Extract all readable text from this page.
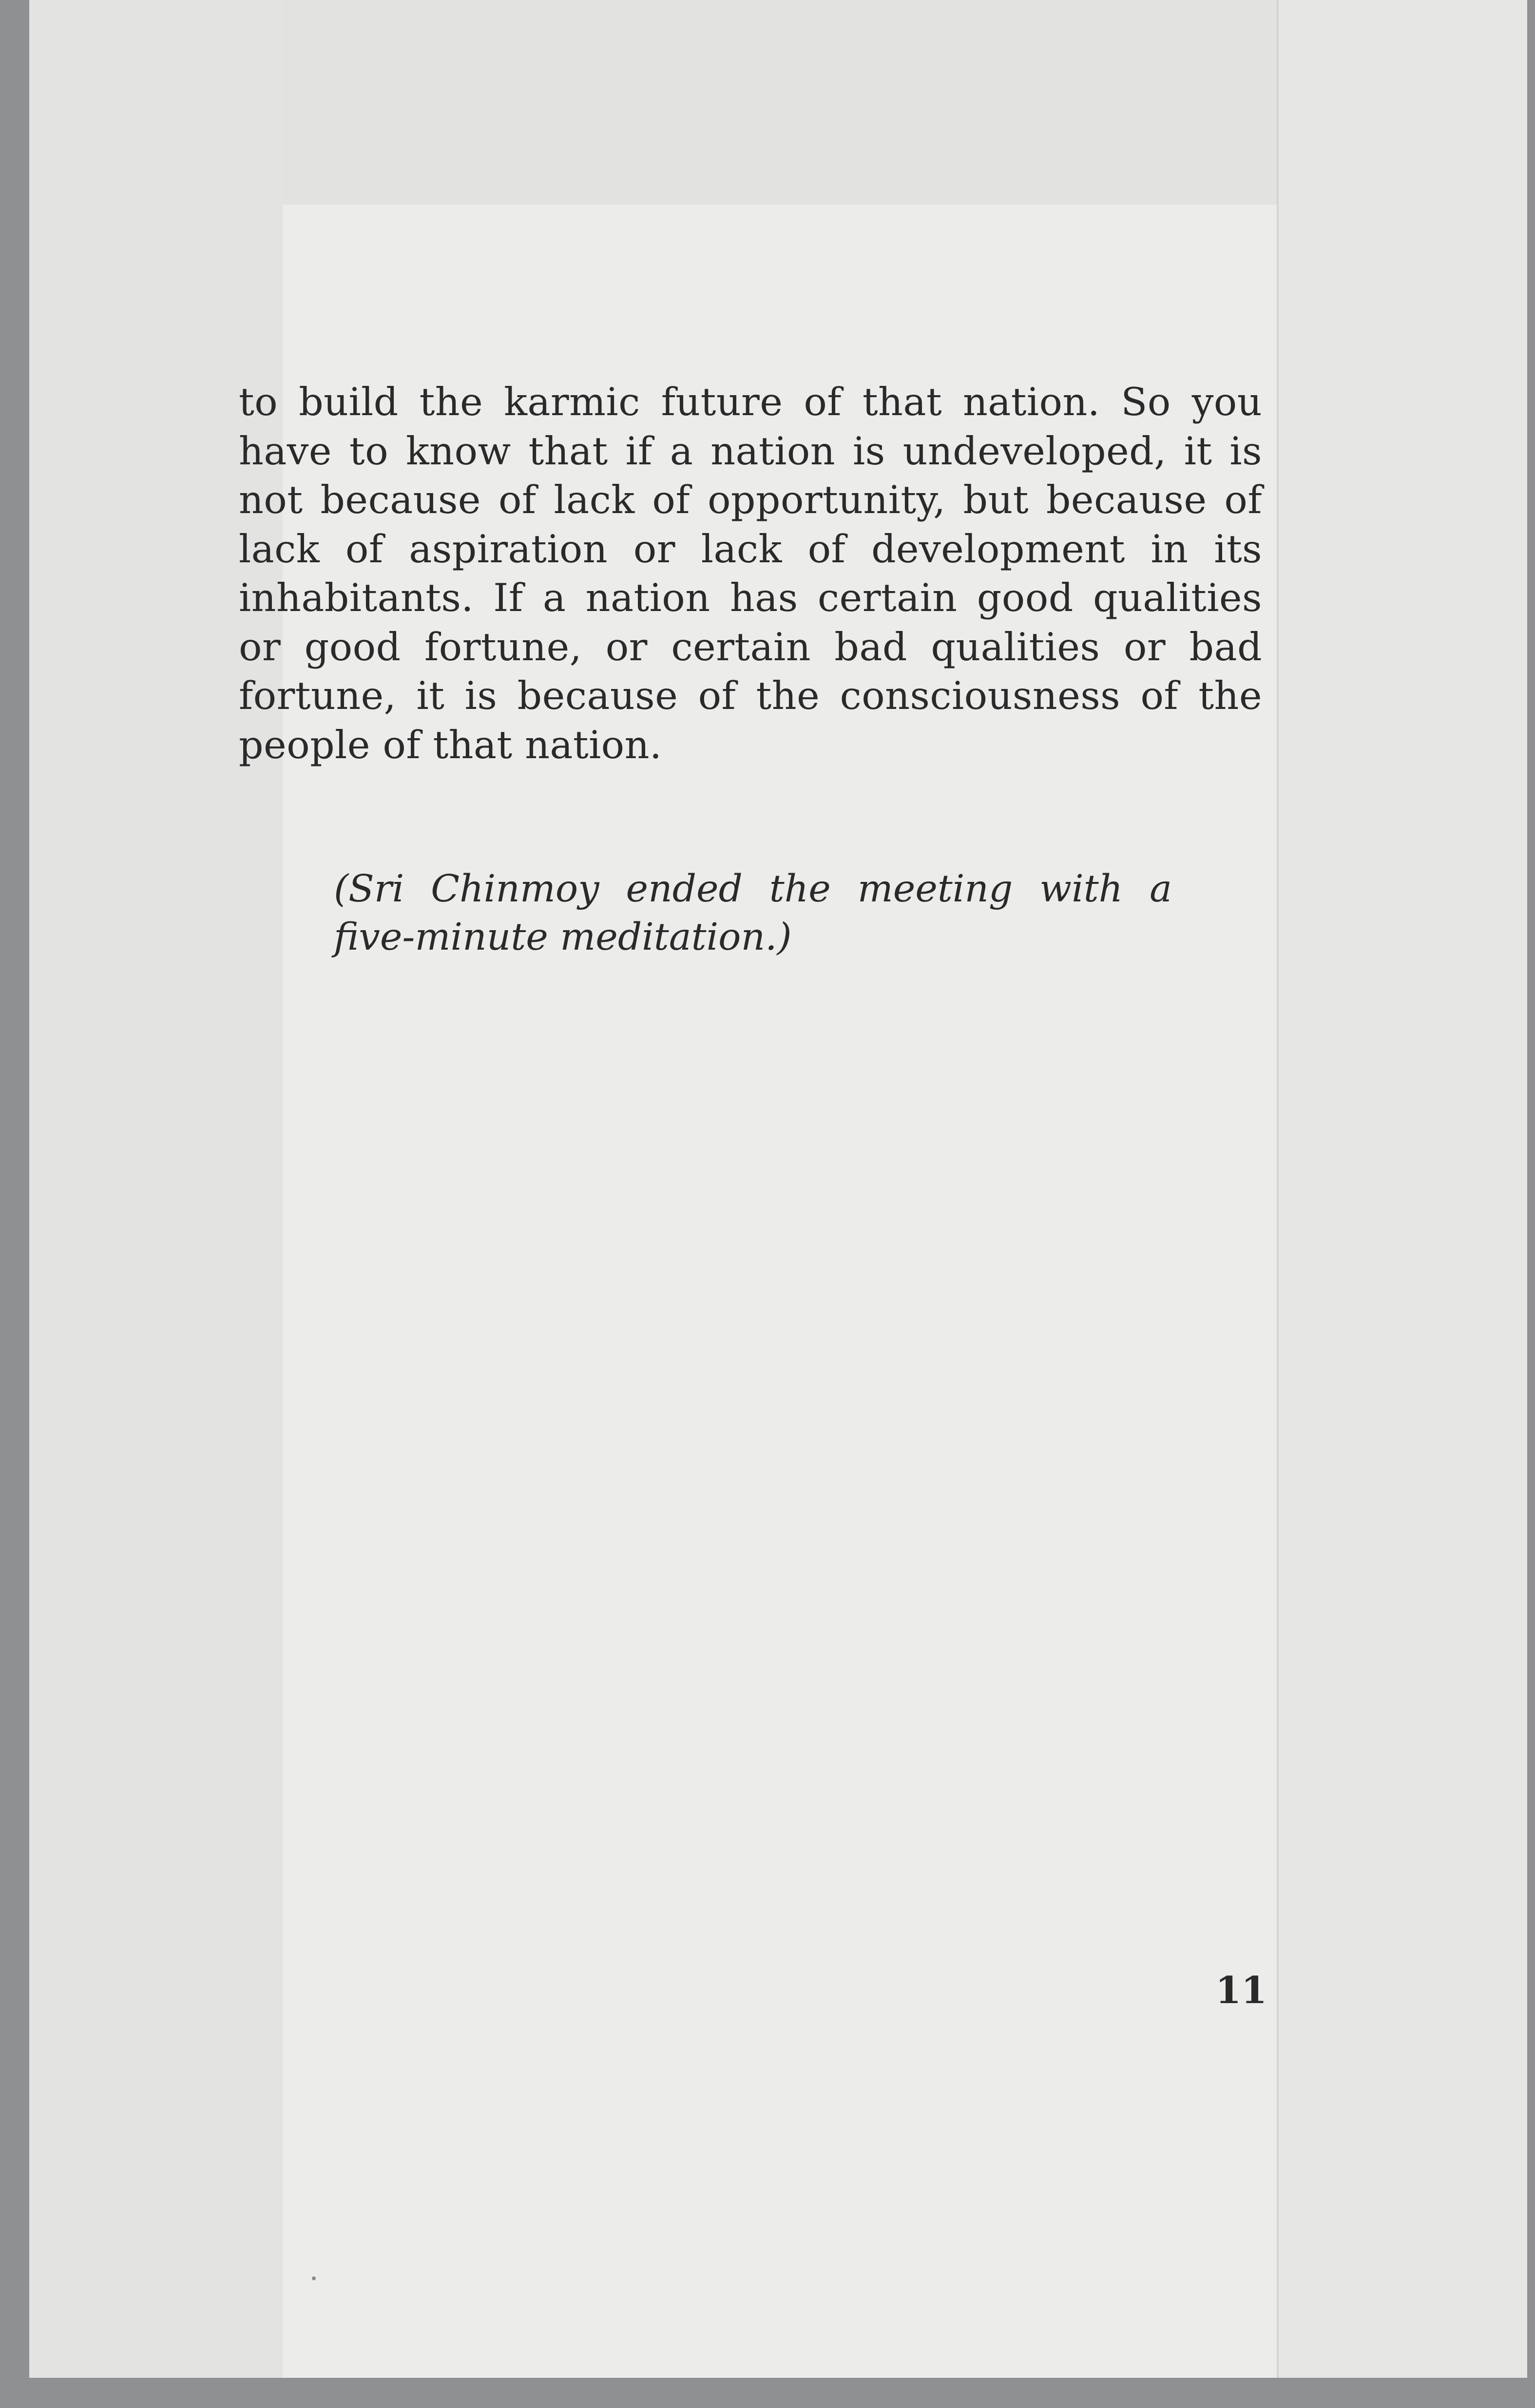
to build the karmic future of that nation. So you have to know that if a nation is undeveloped, it is not because of lack of opportunity, but because of lack of aspiration or lack of development in its inhabitants. If a nation has certain good qualities or good fortune, or certain bad qualities or bad fortune, it is because of the consciousness of the people of that nation.

(Sri Chinmoy ended the meeting with a five-minute meditation.)

11
